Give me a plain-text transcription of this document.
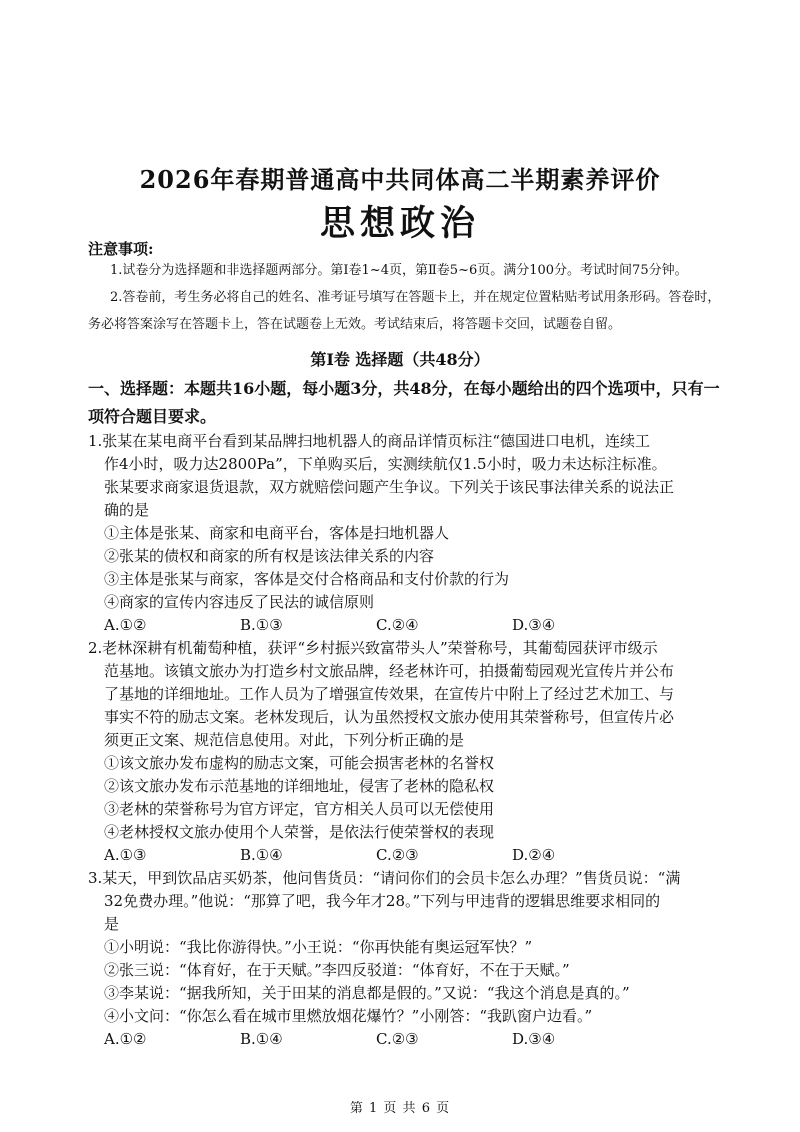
2026年春期普通高中共同体高二半期素养评价
思想政治
注意事项:
1.试卷分为选择题和非选择题两部分。第Ⅰ卷1~4页，第Ⅱ卷5~6页。满分100分。考试时间75分钟。
2.答卷前，考生务必将自己的姓名、准考证号填写在答题卡上，并在规定位置粘贴考试用条形码。答卷时，务必将答案涂写在答题卡上，答在试题卷上无效。考试结束后，将答题卡交回，试题卷自留。
第Ⅰ卷 选择题（共48分）
一、选择题：本题共16小题，每小题3分，共48分，在每小题给出的四个选项中，只有一项符合题目要求。
1.张某在某电商平台看到某品牌扫地机器人的商品详情页标注“德国进口电机，连续工
作4小时，吸力达2800Pa”，下单购买后，实测续航仅1.5小时，吸力未达标注标准。
张某要求商家退货退款，双方就赔偿问题产生争议。下列关于该民事法律关系的说法正
确的是
①主体是张某、商家和电商平台，客体是扫地机器人
②张某的债权和商家的所有权是该法律关系的内容
③主体是张某与商家，客体是交付合格商品和支付价款的行为
④商家的宣传内容违反了民法的诚信原则
A.①②	B.①③	C.②④	D.③④
2.老林深耕有机葡萄种植，获评“乡村振兴致富带头人”荣誉称号，其葡萄园获评市级示
范基地。该镇文旅办为打造乡村文旅品牌，经老林许可，拍摄葡萄园观光宣传片并公布
了基地的详细地址。工作人员为了增强宣传效果，在宣传片中附上了经过艺术加工、与
事实不符的励志文案。老林发现后，认为虽然授权文旅办使用其荣誉称号，但宣传片必
须更正文案、规范信息使用。对此，下列分析正确的是
①该文旅办发布虚构的励志文案，可能会损害老林的名誉权
②该文旅办发布示范基地的详细地址，侵害了老林的隐私权
③老林的荣誉称号为官方评定，官方相关人员可以无偿使用
④老林授权文旅办使用个人荣誉，是依法行使荣誉权的表现
A.①③	B.①④	C.②③	D.②④
3.某天，甲到饮品店买奶茶，他问售货员：“请问你们的会员卡怎么办理？”售货员说：“满
32免费办理。”他说：“那算了吧，我今年才28。”下列与甲违背的逻辑思维要求相同的
是
①小明说：“我比你游得快。”小王说：“你再快能有奥运冠军快？”
②张三说：“体育好，在于天赋。”李四反驳道：“体育好，不在于天赋。”
③李某说：“据我所知，关于田某的消息都是假的。”又说：“我这个消息是真的。”
④小文问：“你怎么看在城市里燃放烟花爆竹？”小刚答：“我趴窗户边看。”
A.①②	B.①④	C.②③	D.③④
第 1 页 共 6 页
